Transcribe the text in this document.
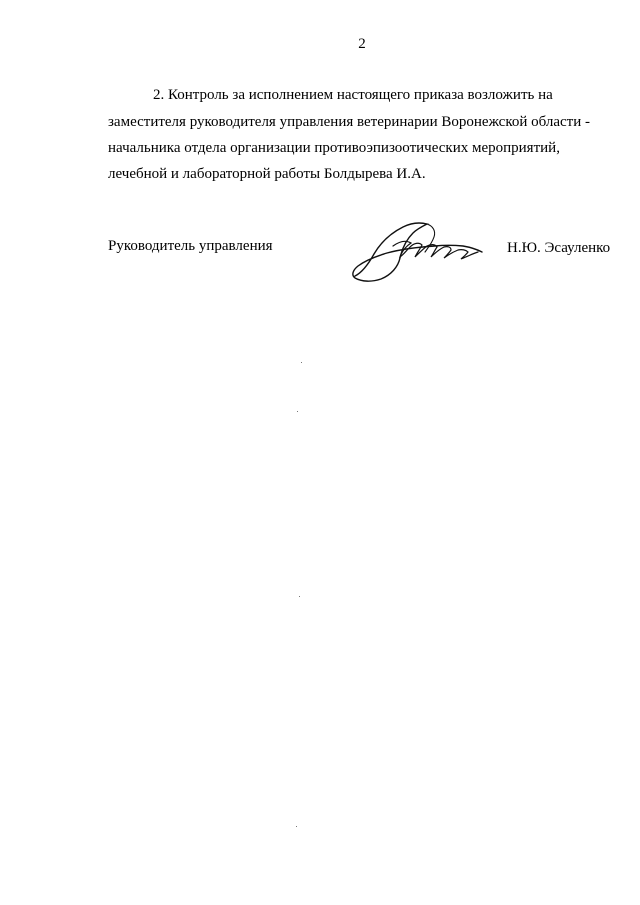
2
2. Контроль за исполнением настоящего приказа возложить на
заместителя руководителя управления ветеринарии Воронежской области -
начальника отдела организации противоэпизоотических мероприятий,
лечебной и лабораторной работы Болдырева И.А.
Руководитель управления	Н.Ю. Эсауленко
